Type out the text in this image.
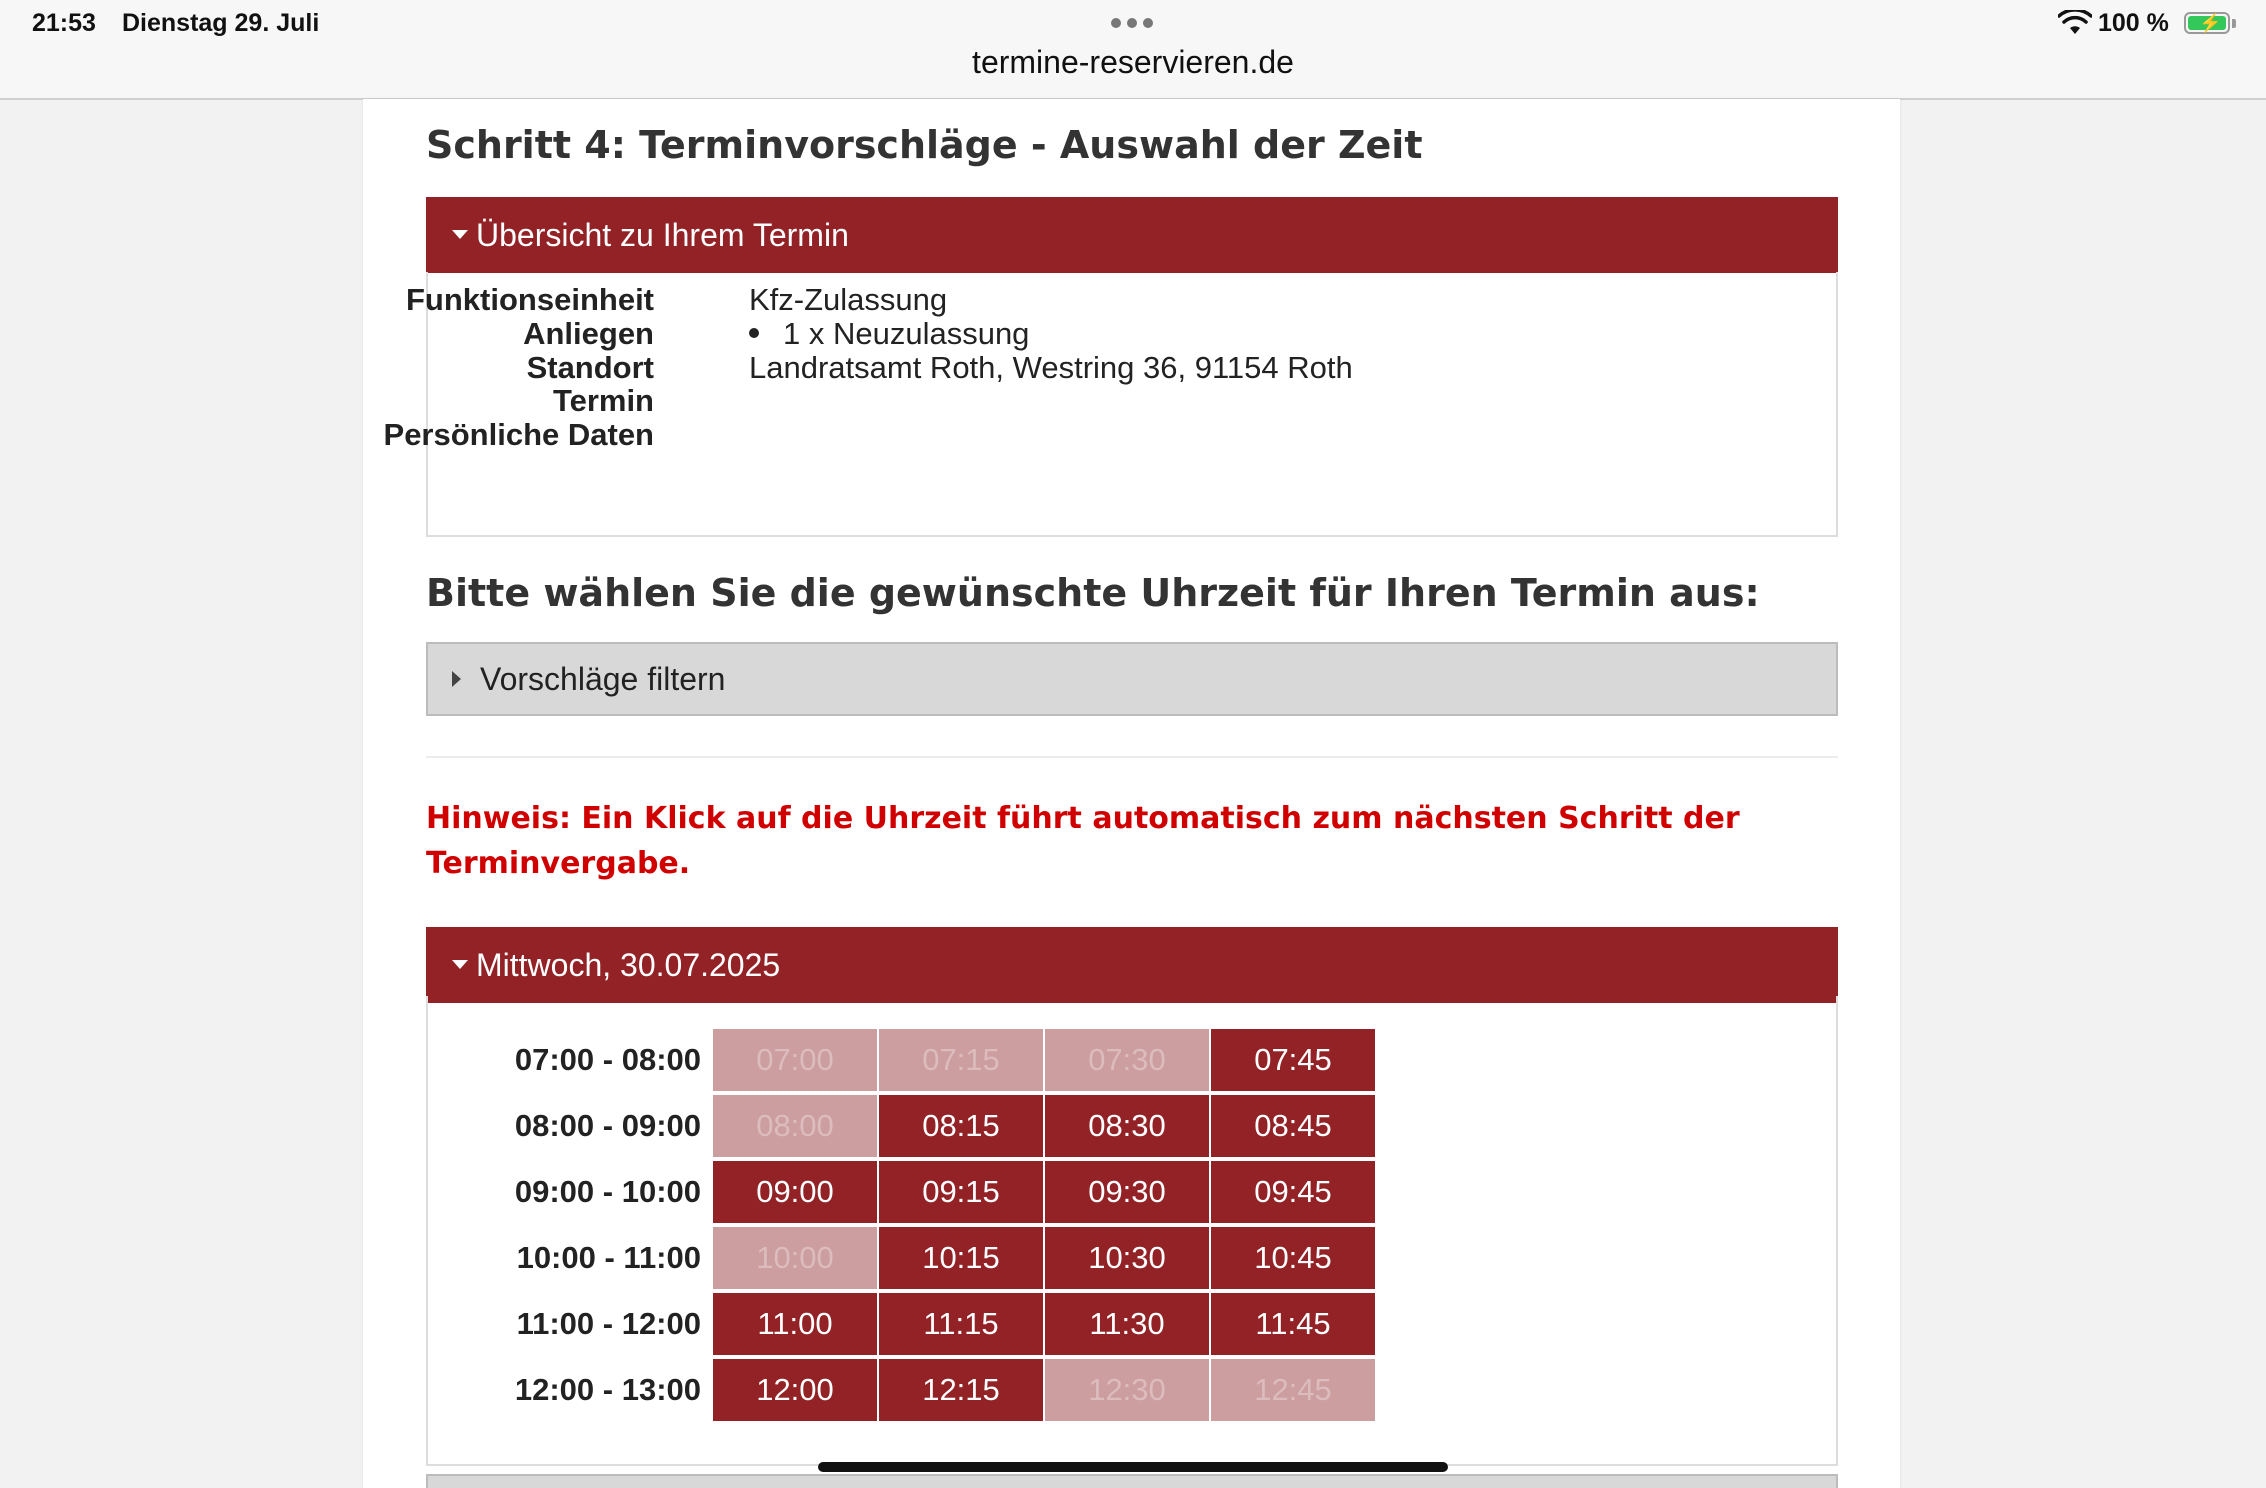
21:53 Dienstag 29. Juli
termine-reservieren.de
100 % ⚡
Schritt 4: Terminvorschläge - Auswahl der Zeit
Übersicht zu Ihrem Termin
Funktionseinheit	Kfz-Zulassung
Anliegen	1 x Neuzulassung
Standort	Landratsamt Roth, Westring 36, 91154 Roth
Termin
Persönliche Daten
Bitte wählen Sie die gewünschte Uhrzeit für Ihren Termin aus:
Vorschläge filtern

Hinweis: Ein Klick auf die Uhrzeit führt automatisch zum nächsten Schritt der Terminvergabe.

Mittwoch, 30.07.2025
07:00 - 08:00	07:00	07:15	07:30	07:45
08:00 - 09:00	08:00	08:15	08:30	08:45
09:00 - 10:00	09:00	09:15	09:30	09:45
10:00 - 11:00	10:00	10:15	10:30	10:45
11:00 - 12:00	11:00	11:15	11:30	11:45
12:00 - 13:00	12:00	12:15	12:30	12:45
